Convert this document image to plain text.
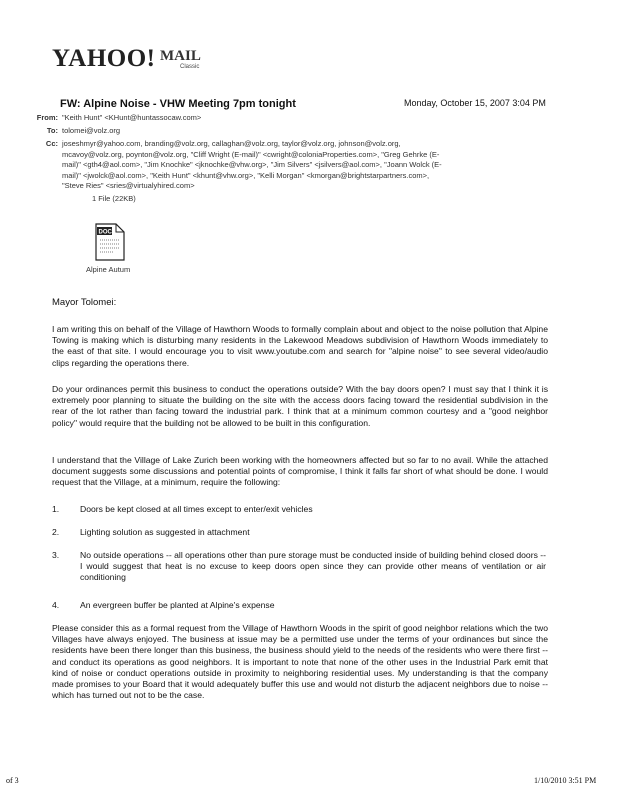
YAHOO! MAIL
Classic
FW: Alpine Noise - VHW Meeting 7pm tonight	Monday, October 15, 2007 3:04 PM
From: "Keith Hunt" <KHunt@huntassocaw.com>
To: tolomei@volz.org
Cc: joseshmyr@yahoo.com, branding@volz.org, callaghan@volz.org, taylor@volz.org, johnson@volz.org, mcavoy@volz.org, poynton@volz.org, "Cliff Wright (E-mail)" <cwright@coloniaProperties.com>, "Greg Gehrke (E-mail)" <gth4@aol.com>, "Jim Knochke" <jknochke@vhw.org>, "Jim Silvers" <jsilvers@aol.com>, "Joann Wolck (E-mail)" <jwolck@aol.com>, "Keith Hunt" <khunt@vhw.org>, "Kelli Morgan" <kmorgan@brightstarpartners.com>, "Steve Ries" <sries@virtualyhired.com>
1 File (22KB)
DOC
Alpine Autum
Mayor Tolomei:
I am writing this on behalf of the Village of Hawthorn Woods to formally complain about and object to the noise pollution that Alpine Towing is making which is disturbing many residents in the Lakewood Meadows subdivision of Hawthorn Woods immediately to the east of that site. I would encourage you to visit www.youtube.com and search for "alpine noise" to see several video/audio clips regarding the operations there.
Do your ordinances permit this business to conduct the operations outside? With the bay doors open? I must say that I think it is extremely poor planning to situate the building on the site with the access doors facing toward the residential subdivision in the rear of the lot rather than facing toward the industrial park. I think that at a minimum common courtesy and a "good neighbor policy" would require that the building not be allowed to be built in this configuration.
I understand that the Village of Lake Zurich been working with the homeowners affected but so far to no avail. While the attached document suggests some discussions and potential points of compromise, I think it falls far short of what should be done. I would request that the Village, at a minimum, require the following:
1. Doors be kept closed at all times except to enter/exit vehicles
2. Lighting solution as suggested in attachment
3. No outside operations -- all operations other than pure storage must be conducted inside of building behind closed doors -- I would suggest that heat is no excuse to keep doors open since they can provide other means of ventilation or air conditioning
4. An evergreen buffer be planted at Alpine's expense
Please consider this as a formal request from the Village of Hawthorn Woods in the spirit of good neighbor relations which the two Villages have always enjoyed. The business at issue may be a permitted use under the terms of your ordinances but since the residents have been there longer than this business, the business should yield to the needs of the residents who were there first -- and conduct its operations as good neighbors. It is important to note that none of the other uses in the Industrial Park emit that kind of noise or conduct operations outside in proximity to neighboring residential uses. My understanding is that the company made promises to your Board that it would adequately buffer this use and would not disturb the adjacent neighbors due to noise -- which has turned out not to be the case.
of 3	1/10/2010 3:51 PM
